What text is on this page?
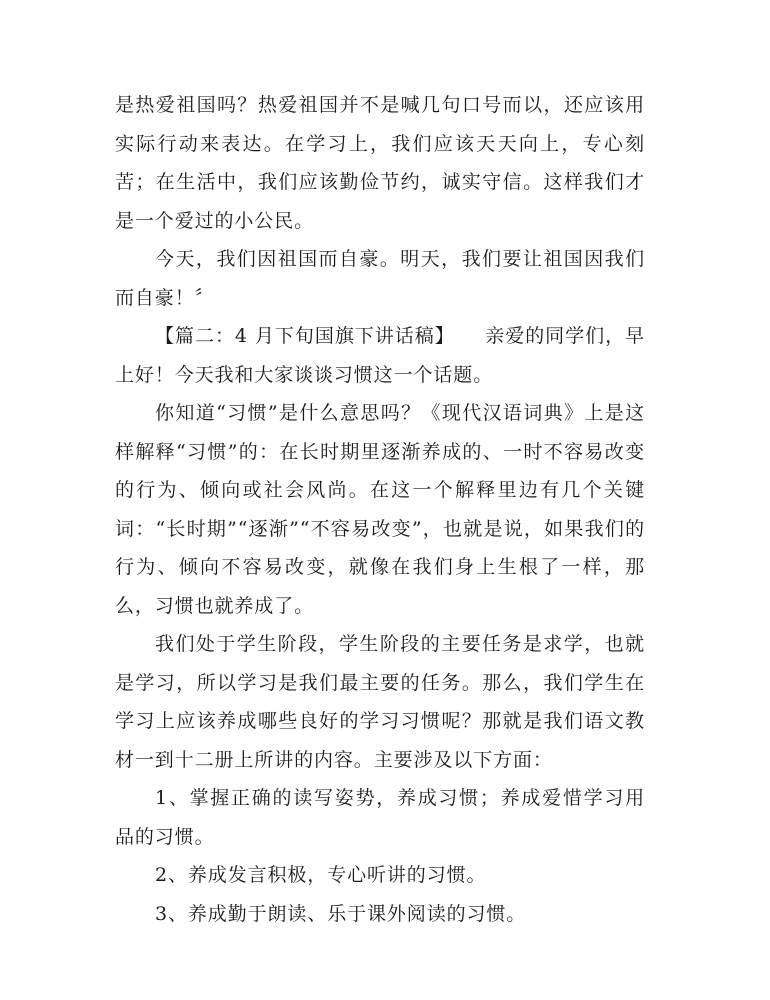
是热爱祖国吗？热爱祖国并不是喊几句口号而以，还应该用实际行动来表达。在学习上，我们应该天天向上，专心刻苦；在生活中，我们应该勤俭节约，诚实守信。这样我们才是一个爱过的小公民。

今天，我们因祖国而自豪。明天，我们要让祖国因我们而自豪！〞

【篇二：4 月下旬国旗下讲话稿】　　亲爱的同学们，早上好！今天我和大家谈谈习惯这一个话题。

你知道“习惯”是什么意思吗？《现代汉语词典》上是这样解释“习惯”的：在长时期里逐渐养成的、一时不容易改变的行为、倾向或社会风尚。在这一个解释里边有几个关键词：“长时期”“逐渐”“不容易改变”，也就是说，如果我们的行为、倾向不容易改变，就像在我们身上生根了一样，那么，习惯也就养成了。

我们处于学生阶段，学生阶段的主要任务是求学，也就是学习，所以学习是我们最主要的任务。那么，我们学生在学习上应该养成哪些良好的学习习惯呢？那就是我们语文教材一到十二册上所讲的内容。主要涉及以下方面：

1、掌握正确的读写姿势，养成习惯；养成爱惜学习用品的习惯。

2、养成发言积极，专心听讲的习惯。

3、养成勤于朗读、乐于课外阅读的习惯。
